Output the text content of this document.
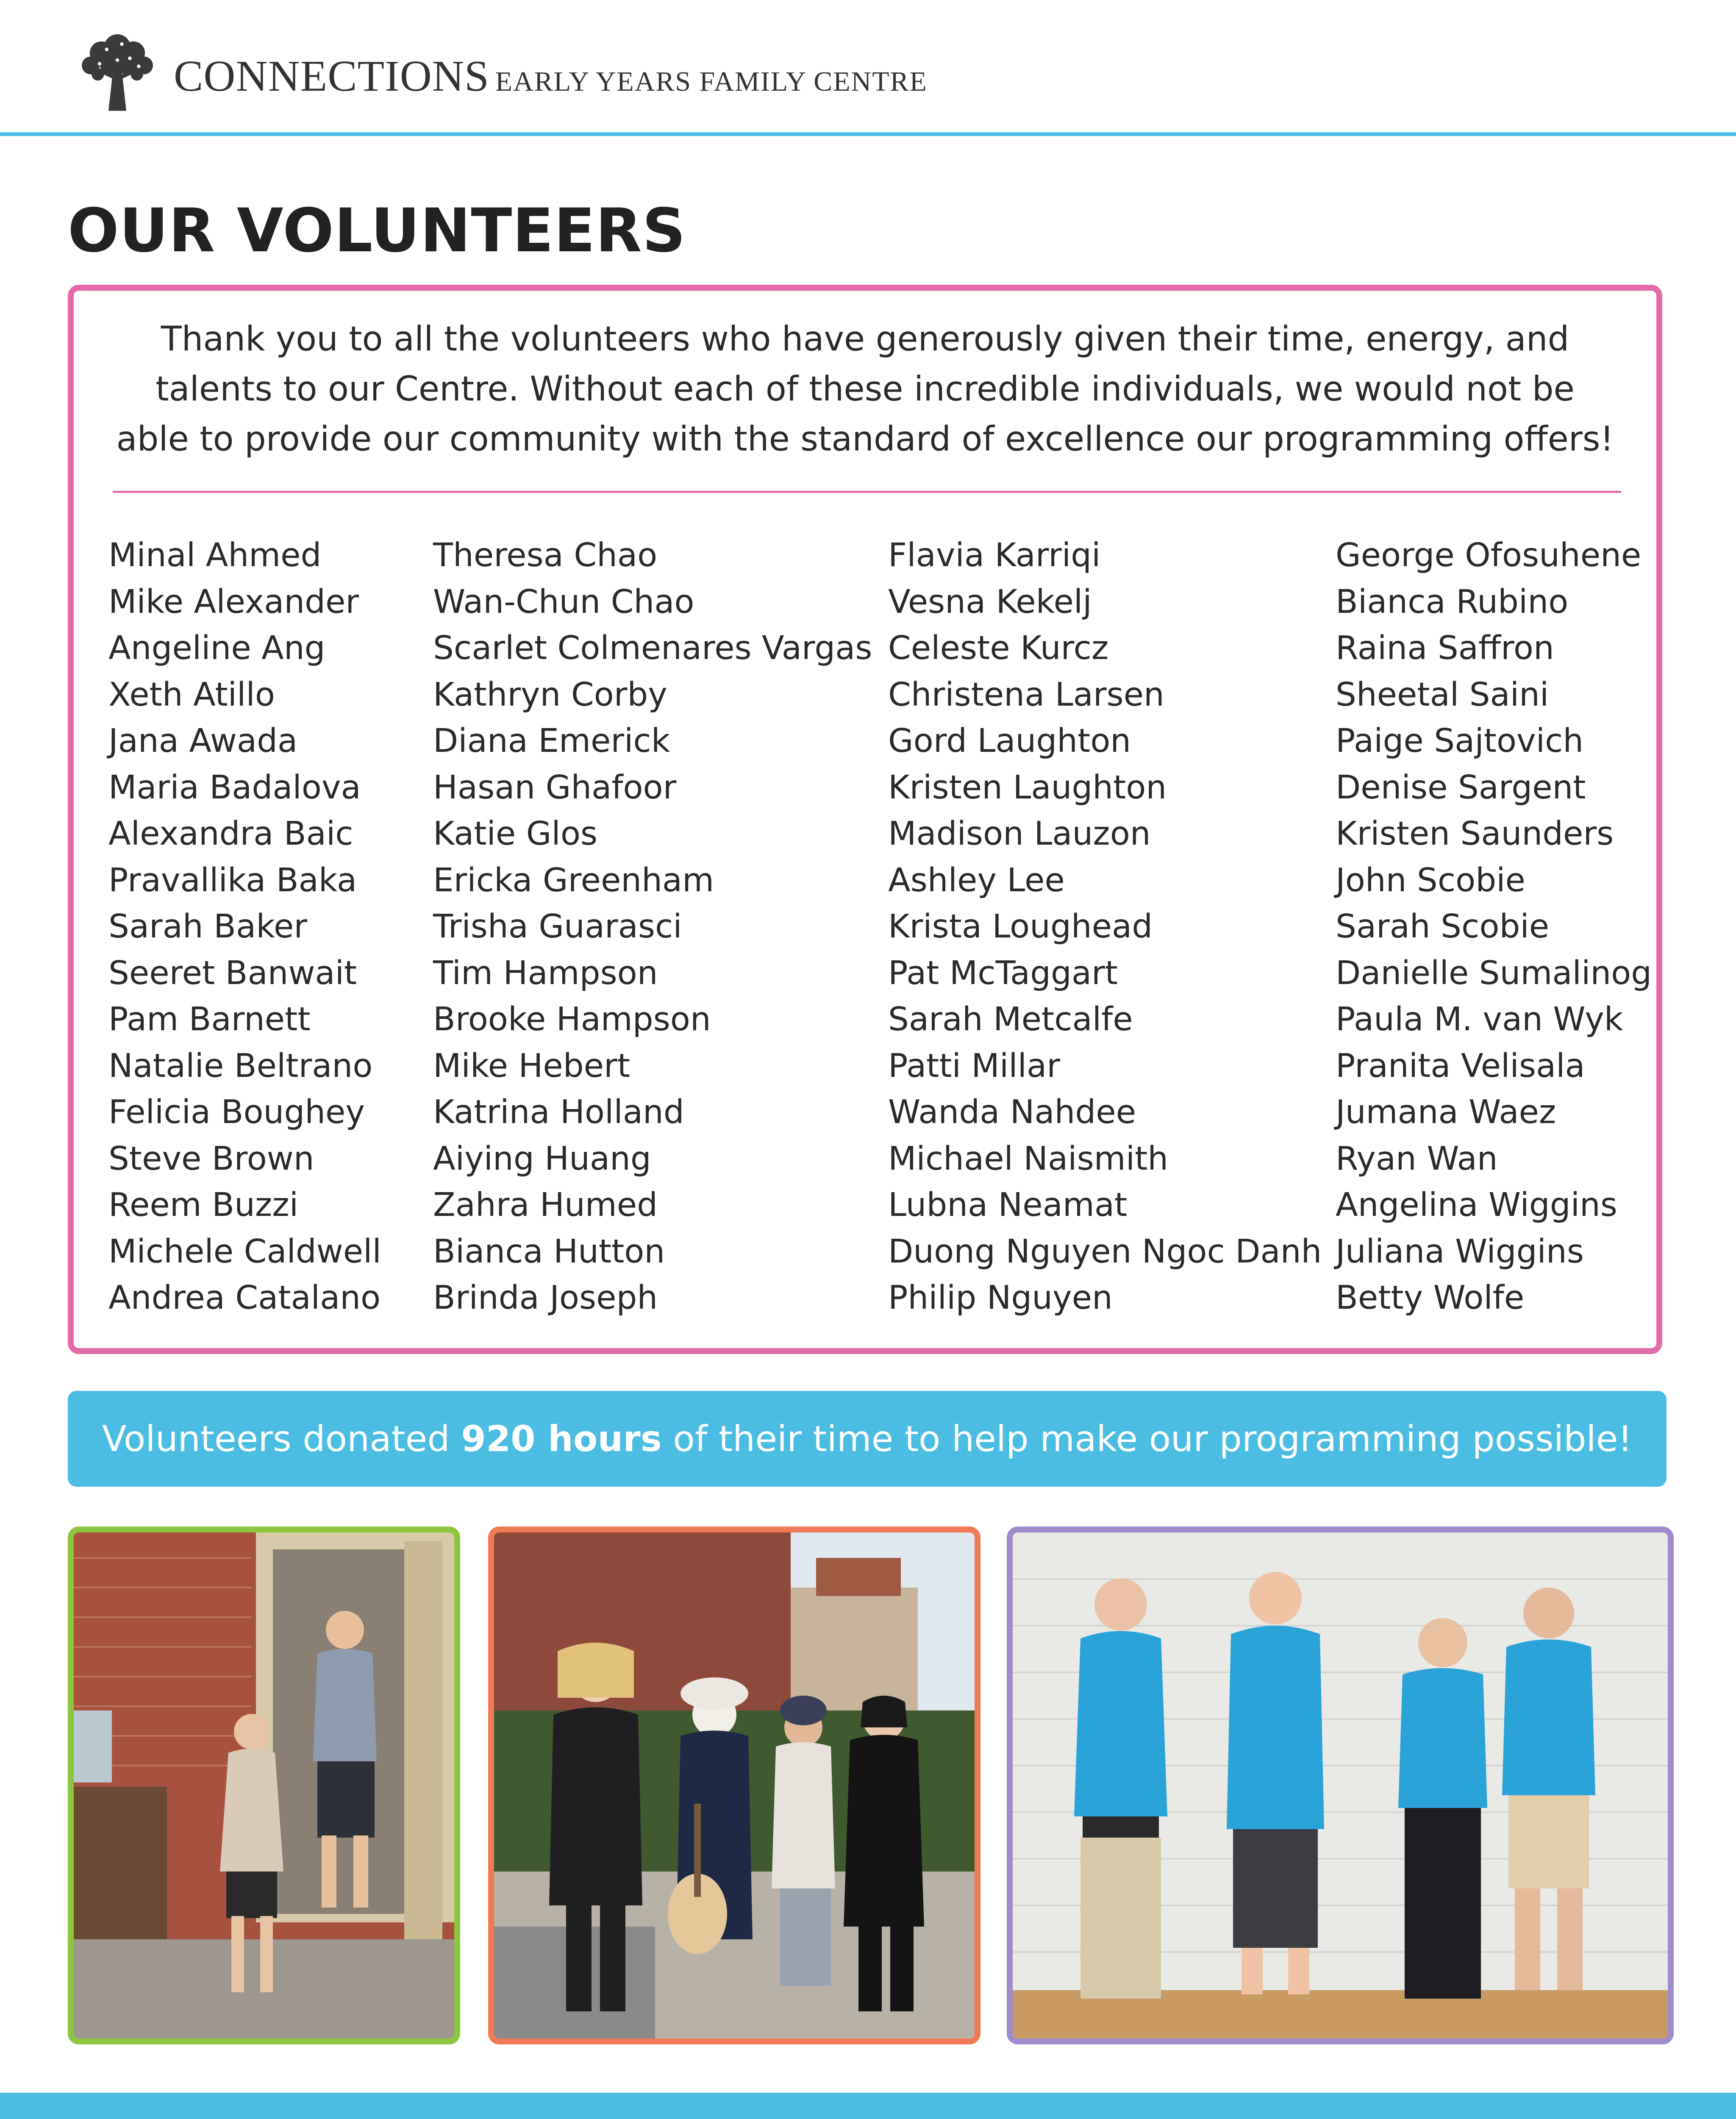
CONNECTIONS EARLY YEARS FAMILY CENTRE
OUR VOLUNTEERS

Thank you to all the volunteers who have generously given their time, energy, and talents to our Centre. Without each of these incredible individuals, we would not be able to provide our community with the standard of excellence our programming offers!

Minal Ahmed
Mike Alexander
Angeline Ang
Xeth Atillo
Jana Awada
Maria Badalova
Alexandra Baic
Pravallika Baka
Sarah Baker
Seeret Banwait
Pam Barnett
Natalie Beltrano
Felicia Boughey
Steve Brown
Reem Buzzi
Michele Caldwell
Andrea Catalano
Theresa Chao
Wan-Chun Chao
Scarlet Colmenares Vargas
Kathryn Corby
Diana Emerick
Hasan Ghafoor
Katie Glos
Ericka Greenham
Trisha Guarasci
Tim Hampson
Brooke Hampson
Mike Hebert
Katrina Holland
Aiying Huang
Zahra Humed
Bianca Hutton
Brinda Joseph
Flavia Karriqi
Vesna Kekelj
Celeste Kurcz
Christena Larsen
Gord Laughton
Kristen Laughton
Madison Lauzon
Ashley Lee
Krista Loughead
Pat McTaggart
Sarah Metcalfe
Patti Millar
Wanda Nahdee
Michael Naismith
Lubna Neamat
Duong Nguyen Ngoc Danh
Philip Nguyen
George Ofosuhene
Bianca Rubino
Raina Saffron
Sheetal Saini
Paige Sajtovich
Denise Sargent
Kristen Saunders
John Scobie
Sarah Scobie
Danielle Sumalinog
Paula M. van Wyk
Pranita Velisala
Jumana Waez
Ryan Wan
Angelina Wiggins
Juliana Wiggins
Betty Wolfe
Volunteers donated 920 hours of their time to help make our programming possible!
